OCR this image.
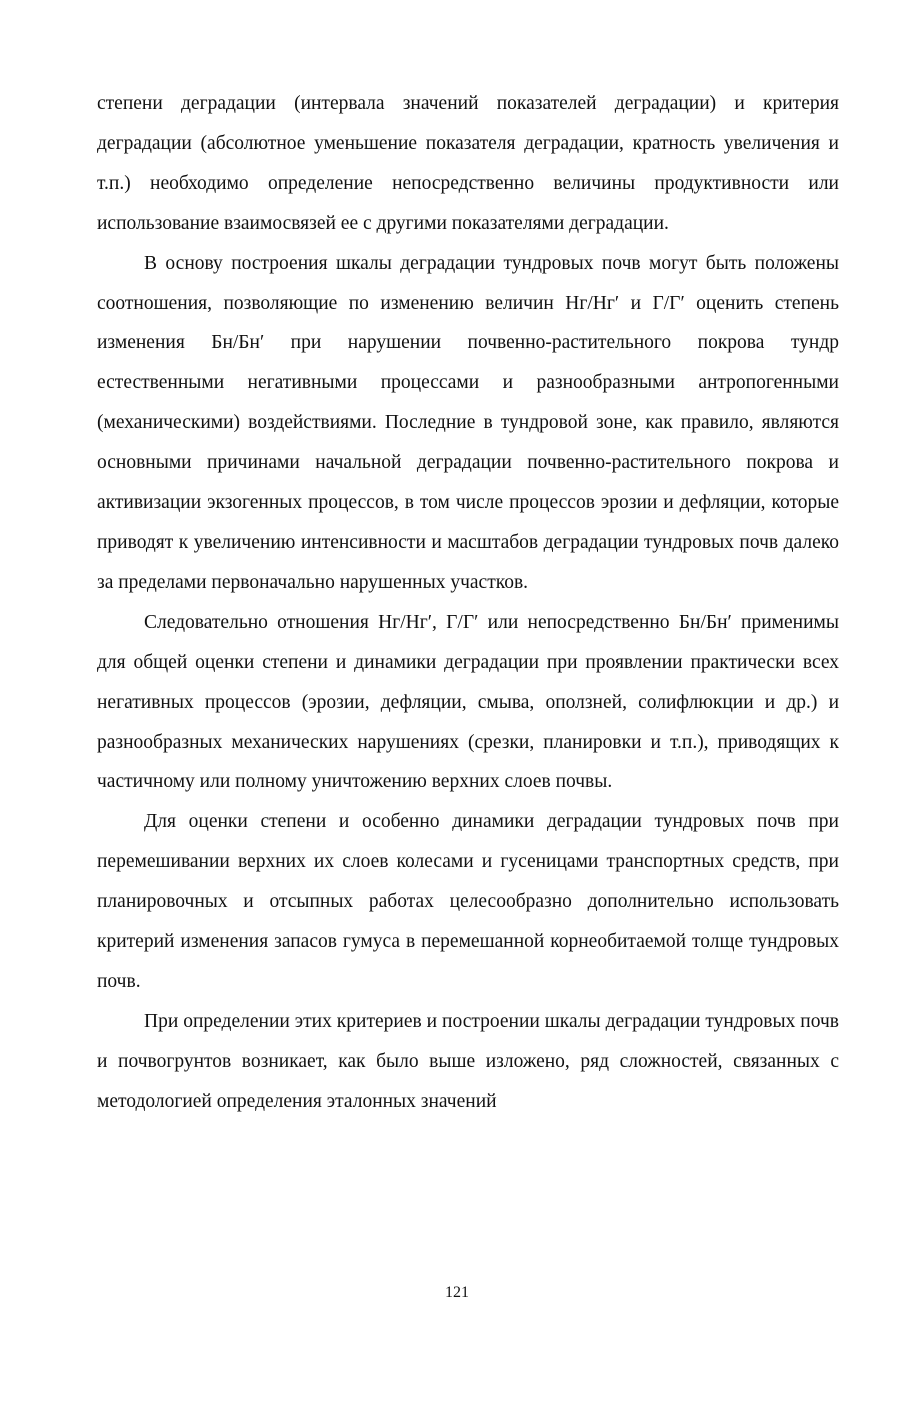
степени деградации (интервала значений показателей деградации) и критерия деградации (абсолютное уменьшение показателя деградации, кратность увеличения и т.п.) необходимо определение непосредственно величины продуктивности или использование взаимосвязей ее с другими показателями деградации.

В основу построения шкалы деградации тундровых почв могут быть положены соотношения, позволяющие по изменению величин Нг/Нг′ и Г/Г′ оценить степень изменения Бн/Бн′ при нарушении почвенно-растительного покрова тундр естественными негативными процессами и разнообразными антропогенными (механическими) воздействиями. Последние в тундровой зоне, как правило, являются основными причинами начальной деградации почвенно-растительного покрова и активизации экзогенных процессов, в том числе процессов эрозии и дефляции, которые приводят к увеличению интенсивности и масштабов деградации тундровых почв далеко за пределами первоначально нарушенных участков.

Следовательно отношения Нг/Нг′, Г/Г′ или непосредственно Бн/Бн′ применимы для общей оценки степени и динамики деградации при проявлении практически всех негативных процессов (эрозии, дефляции, смыва, оползней, солифлюкции и др.) и разнообразных механических нарушениях (срезки, планировки и т.п.), приводящих к частичному или полному уничтожению верхних слоев почвы.

Для оценки степени и особенно динамики деградации тундровых почв при перемешивании верхних их слоев колесами и гусеницами транспортных средств, при планировочных и отсыпных работах целесообразно дополнительно использовать критерий изменения запасов гумуса в перемешанной корнеобитаемой толще тундровых почв.

При определении этих критериев и построении шкалы деградации тундровых почв и почвогрунтов возникает, как было выше изложено, ряд сложностей, связанных с методологией определения эталонных значений

121
